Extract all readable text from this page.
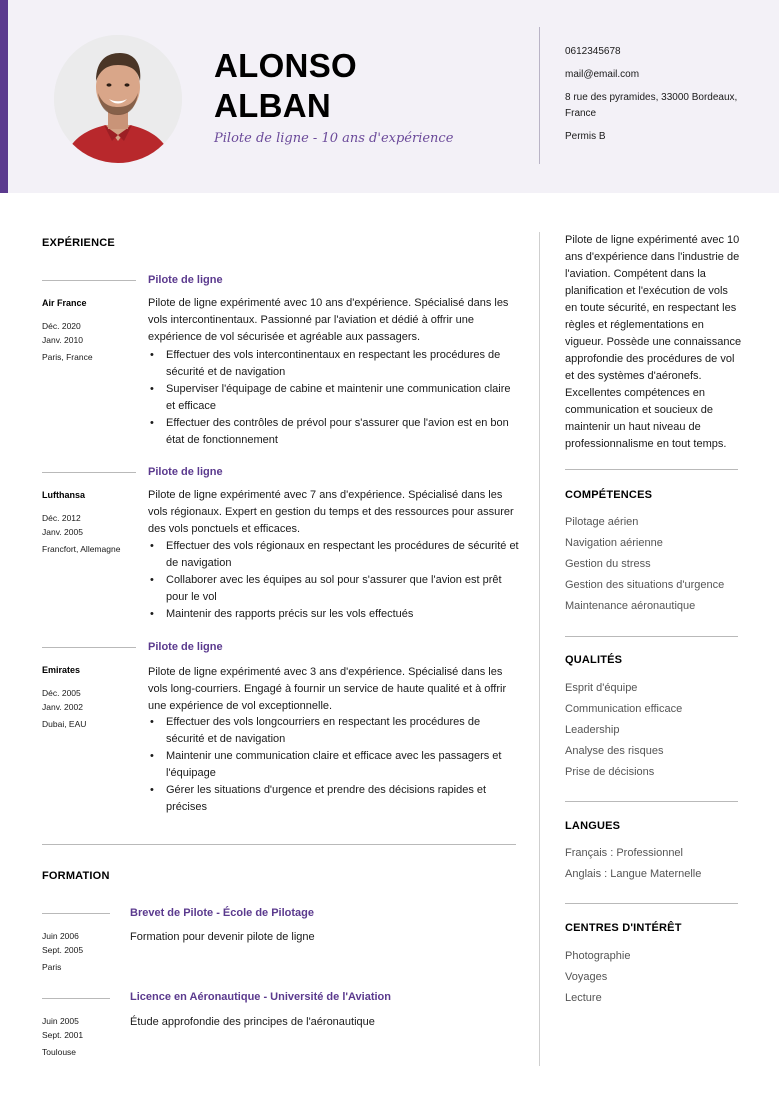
ALONSO
ALBAN
Pilote de ligne - 10 ans d'expérience
0612345678
mail@email.com
8 rue des pyramides, 33000 Bordeaux, France
Permis B
EXPÉRIENCE
Pilote de ligne
Air France
Déc. 2020
Janv. 2010
Paris, France
Pilote de ligne expérimenté avec 10 ans d'expérience. Spécialisé dans les vols intercontinentaux. Passionné par l'aviation et dédié à offrir une expérience de vol sécurisée et agréable aux passagers.
• Effectuer des vols intercontinentaux en respectant les procédures de sécurité et de navigation
• Superviser l'équipage de cabine et maintenir une communication claire et efficace
• Effectuer des contrôles de prévol pour s'assurer que l'avion est en bon état de fonctionnement
Pilote de ligne
Lufthansa
Déc. 2012
Janv. 2005
Francfort, Allemagne
Pilote de ligne expérimenté avec 7 ans d'expérience. Spécialisé dans les vols régionaux. Expert en gestion du temps et des ressources pour assurer des vols ponctuels et efficaces.
• Effectuer des vols régionaux en respectant les procédures de sécurité et de navigation
• Collaborer avec les équipes au sol pour s'assurer que l'avion est prêt pour le vol
• Maintenir des rapports précis sur les vols effectués
Pilote de ligne
Emirates
Déc. 2005
Janv. 2002
Dubai, EAU
Pilote de ligne expérimenté avec 3 ans d'expérience. Spécialisé dans les vols long-courriers. Engagé à fournir un service de haute qualité et à offrir une expérience de vol exceptionnelle.
• Effectuer des vols longcourriers en respectant les procédures de sécurité et de navigation
• Maintenir une communication claire et efficace avec les passagers et l'équipage
• Gérer les situations d'urgence et prendre des décisions rapides et précises
FORMATION
Brevet de Pilote - École de Pilotage
Juin 2006
Sept. 2005
Paris
Formation pour devenir pilote de ligne
Licence en Aéronautique - Université de l'Aviation
Juin 2005
Sept. 2001
Toulouse
Étude approfondie des principes de l'aéronautique
Pilote de ligne expérimenté avec 10 ans d'expérience dans l'industrie de l'aviation. Compétent dans la planification et l'exécution de vols en toute sécurité, en respectant les règles et réglementations en vigueur. Possède une connaissance approfondie des procédures de vol et des systèmes d'aéronefs. Excellentes compétences en communication et soucieux de maintenir un haut niveau de professionnalisme en tout temps.
COMPÉTENCES
Pilotage aérien
Navigation aérienne
Gestion du stress
Gestion des situations d'urgence
Maintenance aéronautique
QUALITÉS
Esprit d'équipe
Communication efficace
Leadership
Analyse des risques
Prise de décisions
LANGUES
Français : Professionnel
Anglais : Langue Maternelle
CENTRES D'INTÉRÊT
Photographie
Voyages
Lecture
